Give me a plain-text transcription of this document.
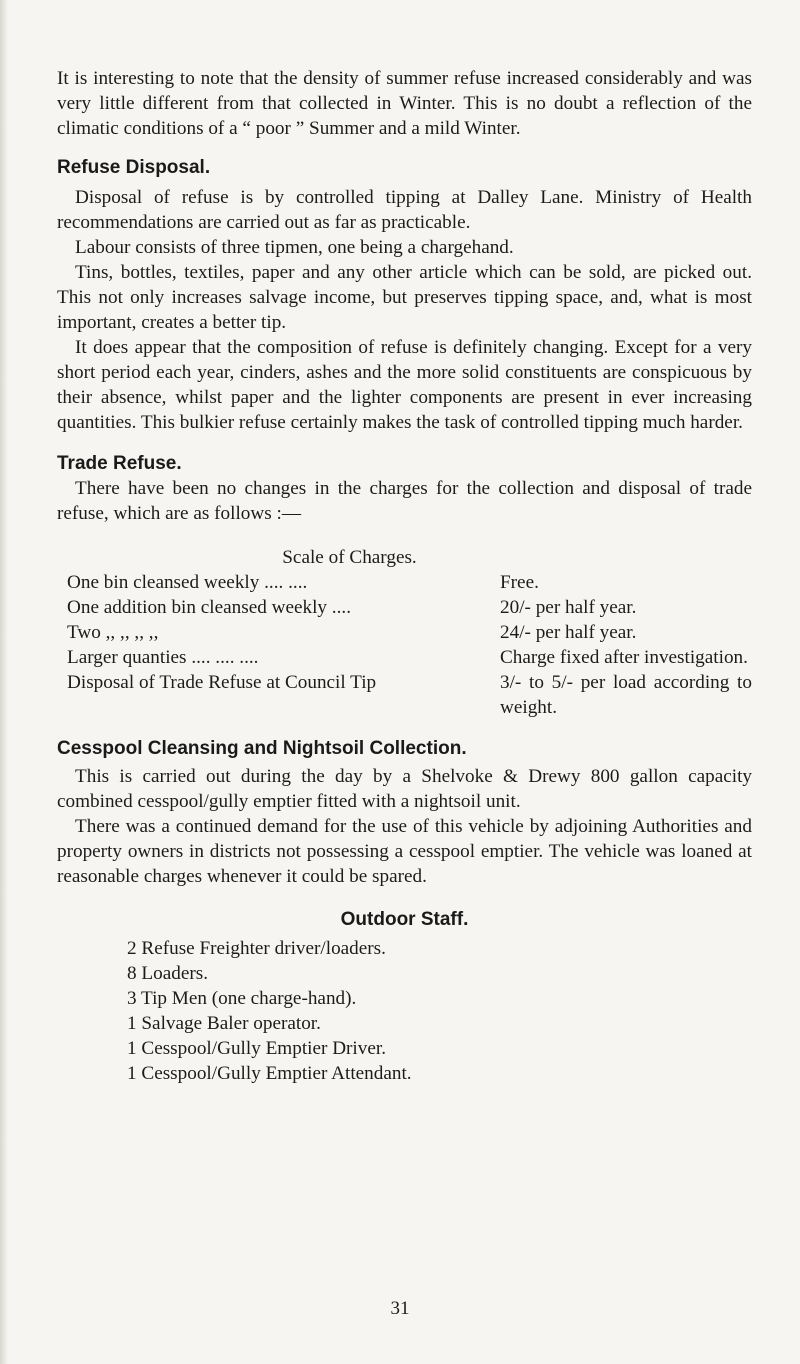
It is interesting to note that the density of summer refuse increased considerably and was very little different from that collected in Winter. This is no doubt a reflection of the climatic conditions of a “ poor ” Summer and a mild Winter.

Refuse Disposal.

Disposal of refuse is by controlled tipping at Dalley Lane. Ministry of Health recommendations are carried out as far as practicable.

Labour consists of three tipmen, one being a chargehand.

Tins, bottles, textiles, paper and any other article which can be sold, are picked out. This not only increases salvage income, but preserves tipping space, and, what is most important, creates a better tip.

It does appear that the composition of refuse is definitely changing. Except for a very short period each year, cinders, ashes and the more solid constituents are conspicuous by their absence, whilst paper and the lighter components are present in ever increasing quantities. This bulkier refuse certainly makes the task of controlled tipping much harder.

Trade Refuse.

There have been no changes in the charges for the collection and disposal of trade refuse, which are as follows :—

Scale of Charges.
One bin cleansed weekly .... ....	Free.
One addition bin cleansed weekly ....	20/- per half year.
Two ,, ,, ,, ,,	24/- per half year.
Larger quanties .... .... ....	Charge fixed after investigation.
Disposal of Trade Refuse at Council Tip	3/- to 5/- per load according to weight.
Cesspool Cleansing and Nightsoil Collection.

This is carried out during the day by a Shelvoke & Drewy 800 gallon capacity combined cesspool/gully emptier fitted with a nightsoil unit.

There was a continued demand for the use of this vehicle by adjoining Authorities and property owners in districts not possessing a cesspool emptier. The vehicle was loaned at reasonable charges whenever it could be spared.

Outdoor Staff.
2 Refuse Freighter driver/loaders.
8 Loaders.
3 Tip Men (one charge-hand).
1 Salvage Baler operator.
1 Cesspool/Gully Emptier Driver.
1 Cesspool/Gully Emptier Attendant.
31
